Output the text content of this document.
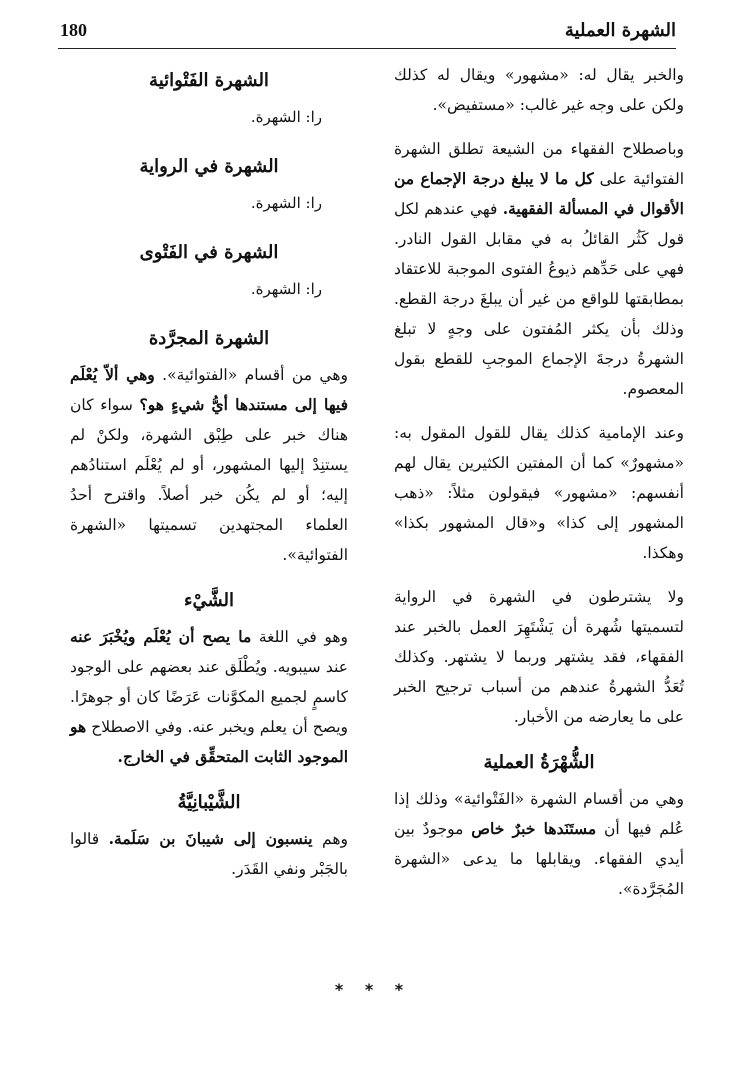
180	الشهرة العملية

والخبر يقال له: «مشهور» ويقال له كذلك ولكن على وجه غير غالب: «مستفيض».

وباصطلاح الفقهاء من الشيعة تطلق الشهرة الفتوائية على كل ما لا يبلغ درجة الإجماع من الأقوال في المسألة الفقهية. فهي عندهم لكل قول كَثُر القائلُ به في مقابل القول النادر. فهي على حَدِّهم ذيوعُ الفتوى الموجبة للاعتقاد بمطابقتها للواقع من غير أن يبلغَ درجة القطع. وذلك بأن يكثر المُفتون على وجهٍ لا تبلغ الشهرةُ درجةَ الإجماع الموجبِ للقطع بقول المعصوم.

وعند الإمامية كذلك يقال للقول المقول به: «مشهورٌ» كما أن المفتين الكثيرين يقال لهم أنفسهم: «مشهور» فيقولون مثلاً: «ذهب المشهور إلى كذا» و«قال المشهور بكذا» وهكذا.

ولا يشترطون في الشهرة في الرواية لتسميتها شُهرة أن يَشْتَهِرَ العمل بالخبر عند الفقهاء، فقد يشتهر وربما لا يشتهر. وكذلك تُعَدُّ الشهرةُ عندهم من أسباب ترجيح الخبر على ما يعارضه من الأخبار.

الشُّهْرَةُ العملية

وهي من أقسام الشهرة «الفَتْوائية» وذلك إذا عُلم فيها أن مستَنَدها خبرٌ خاص موجودٌ بين أيدي الفقهاء. ويقابلها ما يدعى «الشهرة المُجَرَّدة».

الشهرة الفَتْوائية
را: الشهرة.
الشهرة في الرواية
را: الشهرة.
الشهرة في الفَتْوى
را: الشهرة.
الشهرة المجرَّدة

وهي من أقسام «الفتوائية». وهي ألاّ يُعْلَم فيها إلى مستندها أيُّ شيءٍ هو؟ سواء كان هناك خبر على طِبْق الشهرة، ولكنْ لم يستنِدْ إليها المشهور، أو لم يُعْلَم استنادُهم إليه؛ أو لم يكُن خبر أصلاً. واقترح أحدُ العلماء المجتهدين تسميتها «الشهرة الفتوائية».

الشَّيْء

وهو في اللغة ما يصح أن يُعْلَم ويُخْبَرَ عنه عند سيبويه. ويُطْلَق عند بعضهم على الوجود كاسمٍ لجميع المكوَّنات عَرَضًا كان أو جوهرًا. ويصح أن يعلم ويخبر عنه. وفي الاصطلاح هو الموجود الثابت المتحقِّق في الخارج.

الشَّيْبانِيَّةُ

وهم ينسبون إلى شيبانَ بن سَلَمة. قالوا بالجَبْر ونفي القَدَر.

* * *
